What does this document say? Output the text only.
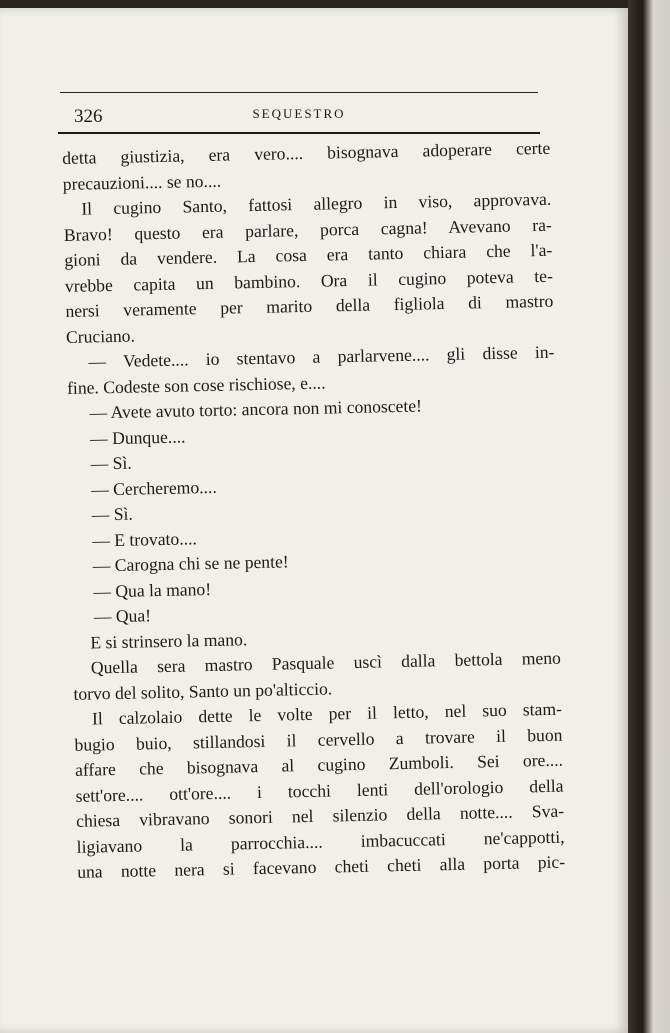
326	SEQUESTRO
detta giustizia, era vero.... bisognava adoperare certe
precauzioni.... se no....
Il cugino Santo, fattosi allegro in viso, approvava.
Bravo! questo era parlare, porca cagna! Avevano ra-
gioni da vendere. La cosa era tanto chiara che l'a-
vrebbe capita un bambino. Ora il cugino poteva te-
nersi veramente per marito della figliola di mastro
Cruciano.
— Vedete.... io stentavo a parlarvene.... gli disse in-
fine. Codeste son cose rischiose, e....
— Avete avuto torto: ancora non mi conoscete!
— Dunque....
— Sì.
— Cercheremo....
— Sì.
— E trovato....
— Carogna chi se ne pente!
— Qua la mano!
— Qua!
E si strinsero la mano.
Quella sera mastro Pasquale uscì dalla bettola meno
torvo del solito, Santo un po'alticcio.
Il calzolaio dette le volte per il letto, nel suo stam-
bugio buio, stillandosi il cervello a trovare il buon
affare che bisognava al cugino Zumboli. Sei ore....
sett'ore.... ott'ore.... i tocchi lenti dell'orologio della
chiesa vibravano sonori nel silenzio della notte.... Sva-
ligiavano la parrocchia.... imbacuccati ne'cappotti,
una notte nera si facevano cheti cheti alla porta pic-
